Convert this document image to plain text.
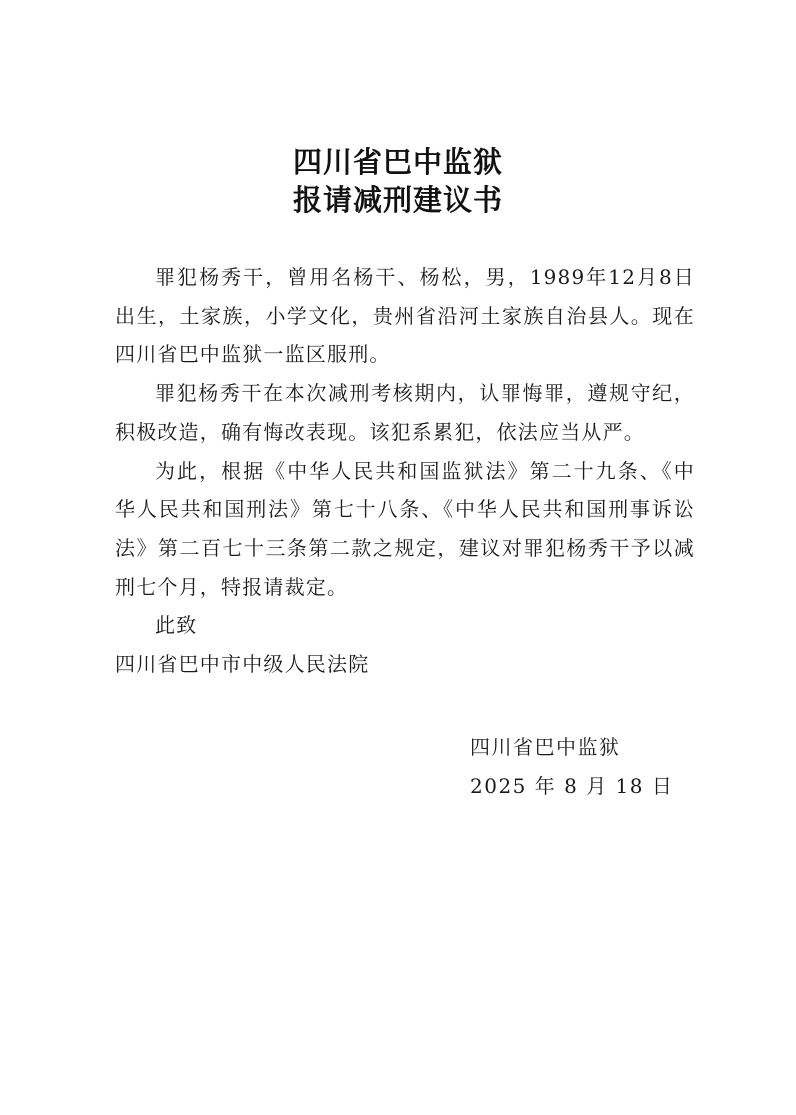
四川省巴中监狱
报请减刑建议书

罪犯杨秀干，曾用名杨干、杨松，男，1989年12月8日出生，土家族，小学文化，贵州省沿河土家族自治县人。现在四川省巴中监狱一监区服刑。

罪犯杨秀干在本次减刑考核期内，认罪悔罪，遵规守纪，积极改造，确有悔改表现。该犯系累犯，依法应当从严。

为此，根据《中华人民共和国监狱法》第二十九条、《中华人民共和国刑法》第七十八条、《中华人民共和国刑事诉讼法》第二百七十三条第二款之规定，建议对罪犯杨秀干予以减刑七个月，特报请裁定。

此致

四川省巴中市中级人民法院

四川省巴中监狱
2025 年 8 月 18 日
